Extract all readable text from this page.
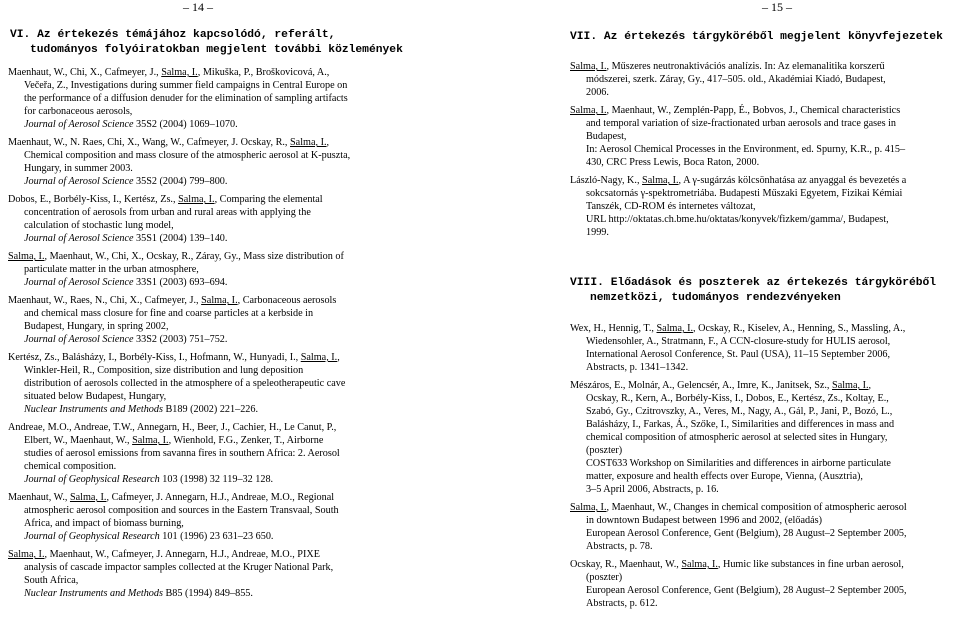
– 14 –
VI. Az értekezés témájához kapcsolódó, referált,
tudományos folyóiratokban megjelent további közlemények
Maenhaut, W., Chi, X., Cafmeyer, J., Salma, I., Mikuška, P., Broškovicová, A.,
Večeřa, Z., Investigations during summer field campaigns in Central Europe on
the performance of a diffusion denuder for the elimination of sampling artifacts
for carbonaceous aerosols,
Journal of Aerosol Science 35S2 (2004) 1069–1070.
Maenhaut, W., N. Raes, Chi, X., Wang, W., Cafmeyer, J. Ocskay, R., Salma, I.,
Chemical composition and mass closure of the atmospheric aerosol at K-puszta,
Hungary, in summer 2003.
Journal of Aerosol Science 35S2 (2004) 799–800.
Dobos, E., Borbély-Kiss, I., Kertész, Zs., Salma, I., Comparing the elemental
concentration of aerosols from urban and rural areas with applying the
calculation of stochastic lung model,
Journal of Aerosol Science 35S1 (2004) 139–140.
Salma, I., Maenhaut, W., Chi, X., Ocskay, R., Záray, Gy., Mass size distribution of
particulate matter in the urban atmosphere,
Journal of Aerosol Science 33S1 (2003) 693–694.
Maenhaut, W., Raes, N., Chi, X., Cafmeyer, J., Salma, I., Carbonaceous aerosols
and chemical mass closure for fine and coarse particles at a kerbside in
Budapest, Hungary, in spring 2002,
Journal of Aerosol Science 33S2 (2003) 751–752.
Kertész, Zs., Balásházy, I., Borbély-Kiss, I., Hofmann, W., Hunyadi, I., Salma, I.,
Winkler-Heil, R., Composition, size distribution and lung deposition
distribution of aerosols collected in the atmosphere of a speleotherapeutic cave
situated below Budapest, Hungary,
Nuclear Instruments and Methods B189 (2002) 221–226.
Andreae, M.O., Andreae, T.W., Annegarn, H., Beer, J., Cachier, H., Le Canut, P.,
Elbert, W., Maenhaut, W., Salma, I., Wienhold, F.G., Zenker, T., Airborne
studies of aerosol emissions from savanna fires in southern Africa: 2. Aerosol
chemical composition.
Journal of Geophysical Research 103 (1998) 32 119–32 128.
Maenhaut, W., Salma, I., Cafmeyer, J. Annegarn, H.J., Andreae, M.O., Regional
atmospheric aerosol composition and sources in the Eastern Transvaal, South
Africa, and impact of biomass burning,
Journal of Geophysical Research 101 (1996) 23 631–23 650.
Salma, I., Maenhaut, W., Cafmeyer, J. Annegarn, H.J., Andreae, M.O., PIXE
analysis of cascade impactor samples collected at the Kruger National Park,
South Africa,
Nuclear Instruments and Methods B85 (1994) 849–855.
– 15 –
VII. Az értekezés tárgyköréből megjelent könyvfejezetek
Salma, I., Műszeres neutronaktivációs analízis. In: Az elemanalitika korszerű
módszerei, szerk. Záray, Gy., 417–505. old., Akadémiai Kiadó, Budapest,
2006.
Salma, I., Maenhaut, W., Zemplén-Papp, É., Bobvos, J., Chemical characteristics
and temporal variation of size-fractionated urban aerosols and trace gases in
Budapest,
In: Aerosol Chemical Processes in the Environment, ed. Spurny, K.R., p. 415–
430, CRC Press Lewis, Boca Raton, 2000.
László-Nagy, K., Salma, I., A γ-sugárzás kölcsönhatása az anyaggal és bevezetés a
sokcsatornás γ-spektrometriába. Budapesti Műszaki Egyetem, Fizikai Kémiai
Tanszék, CD-ROM és internetes változat,
URL http://oktatas.ch.bme.hu/oktatas/konyvek/fizkem/gamma/, Budapest,
1999.
VIII. Előadások és poszterek az értekezés tárgyköréből
nemzetközi, tudományos rendezvényeken
Wex, H., Hennig, T., Salma, I., Ocskay, R., Kiselev, A., Henning, S., Massling, A.,
Wiedensohler, A., Stratmann, F., A CCN-closure-study for HULIS aerosol,
International Aerosol Conference, St. Paul (USA), 11–15 September 2006,
Abstracts, p. 1341–1342.
Mészáros, E., Molnár, A., Gelencsér, A., Imre, K., Janitsek, Sz., Salma, I.,
Ocskay, R., Kern, A., Borbély-Kiss, I., Dobos, E., Kertész, Zs., Koltay, E.,
Szabó, Gy., Czitrovszky, A., Veres, M., Nagy, A., Gál, P., Jani, P., Bozó, L.,
Balásházy, I., Farkas, Á., Szőke, I., Similarities and differences in mass and
chemical composition of atmospheric aerosol at selected sites in Hungary,
(poszter)
COST633 Workshop on Similarities and differences in airborne particulate
matter, exposure and health effects over Europe, Vienna, (Ausztria),
3–5 April 2006, Abstracts, p. 16.
Salma, I., Maenhaut, W., Changes in chemical composition of atmospheric aerosol
in downtown Budapest between 1996 and 2002, (előadás)
European Aerosol Conference, Gent (Belgium), 28 August–2 September 2005,
Abstracts, p. 78.
Ocskay, R., Maenhaut, W., Salma, I., Humic like substances in fine urban aerosol,
(poszter)
European Aerosol Conference, Gent (Belgium), 28 August–2 September 2005,
Abstracts, p. 612.
